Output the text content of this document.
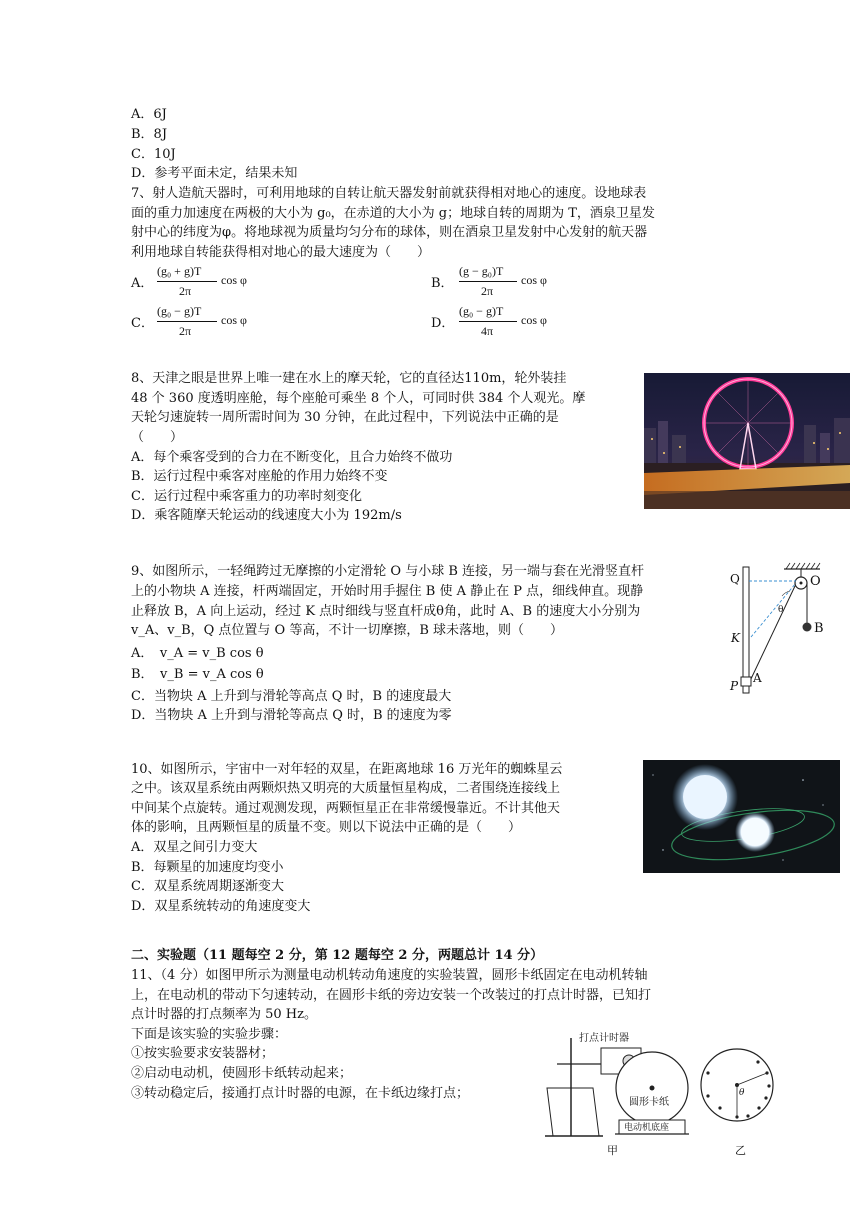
A．6J
B．8J
C．10J
D．参考平面未定，结果未知
7、射人造航天器时，可利用地球的自转让航天器发射前就获得相对地心的速度。设地球表
面的重力加速度在两极的大小为 g₀，在赤道的大小为 g；地球自转的周期为 T，酒泉卫星发
射中心的纬度为φ。将地球视为质量均匀分布的球体，则在酒泉卫星发射中心发射的航天器
利用地球自转能获得相对地心的最大速度为（　　）
A．
(g₀ + g)T
2π
cos φ	B．
(g − g₀)T
2π
cos φ
C．
(g₀ − g)T
2π
cos φ	D．
(g₀ − g)T
4π
cos φ
8、天津之眼是世界上唯一建在水上的摩天轮，它的直径达110m，轮外装挂
48 个 360 度透明座舱，每个座舱可乘坐 8 个人，可同时供 384 个人观光。摩
天轮匀速旋转一周所需时间为 30 分钟，在此过程中，下列说法中正确的是
（　　）
A．每个乘客受到的合力在不断变化，且合力始终不做功
B．运行过程中乘客对座舱的作用力始终不变
C．运行过程中乘客重力的功率时刻变化
D．乘客随摩天轮运动的线速度大小为 192m/s
9、如图所示，一轻绳跨过无摩擦的小定滑轮 O 与小球 B 连接，另一端与套在光滑竖直杆
上的小物块 A 连接，杆两端固定，开始时用手握住 B 使 A 静止在 P 点，细线伸直。现静
止释放 B，A 向上运动，经过 K 点时细线与竖直杆成θ角，此时 A、B 的速度大小分别为
v_A、v_B，Q 点位置与 O 等高，不计一切摩擦，B 球未落地，则（　　）
A．　v_A = v_B cos θ
B．　v_B = v_A cos θ
C．当物块 A 上升到与滑轮等高点 Q 时，B 的速度最大
D．当物块 A 上升到与滑轮等高点 Q 时，B 的速度为零
Q	O
θ
K
B
P
A
10、如图所示，宇宙中一对年轻的双星，在距离地球 16 万光年的蜘蛛星云
之中。该双星系统由两颗炽热又明亮的大质量恒星构成，二者围绕连接线上
中间某个点旋转。通过观测发现，两颗恒星正在非常缓慢靠近。不计其他天
体的影响，且两颗恒星的质量不变。则以下说法中正确的是（　　）
A．双星之间引力变大
B．每颗星的加速度均变小
C．双星系统周期逐渐变大
D．双星系统转动的角速度变大
二、实验题（11 题每空 2 分，第 12 题每空 2 分，两题总计 14 分）
11、（4 分）如图甲所示为测量电动机转动角速度的实验装置，圆形卡纸固定在电动机转轴
上，在电动机的带动下匀速转动，在圆形卡纸的旁边安装一个改装过的打点计时器，已知打
点计时器的打点频率为 50 Hz。
下面是该实验的实验步骤：
①按实验要求安装器材；
②启动电动机，使圆形卡纸转动起来；
③转动稳定后，接通打点计时器的电源，在卡纸边缘打点；
打点计时器
圆形卡纸
电动机底座
θ
甲	乙
